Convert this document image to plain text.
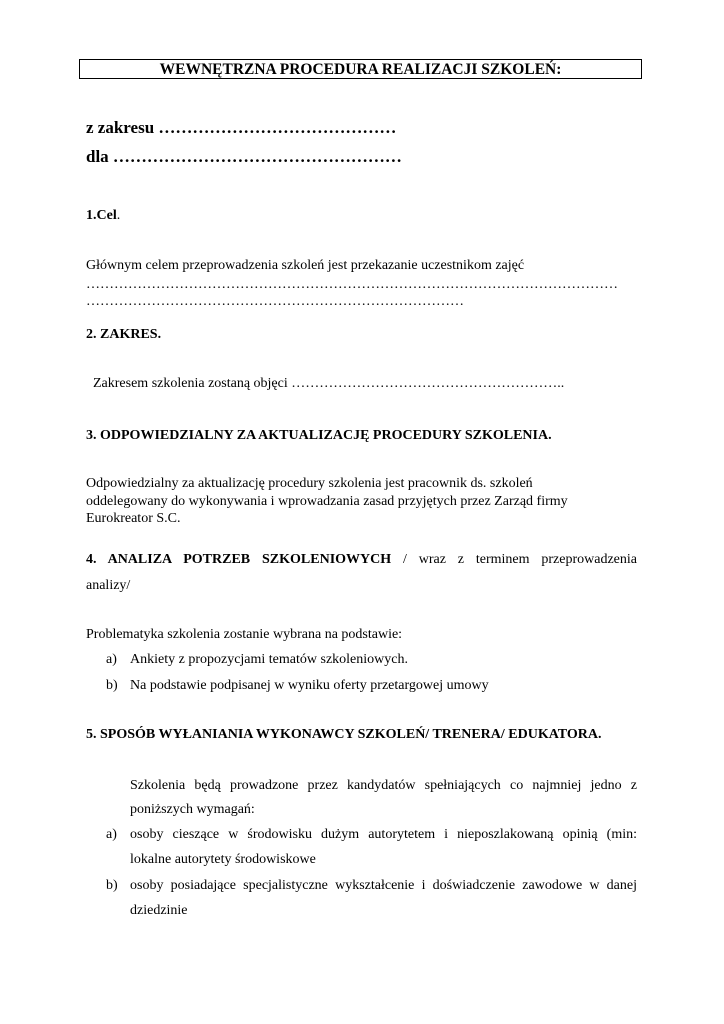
WEWNĘTRZNA PROCEDURA REALIZACJI SZKOLEŃ:
z zakresu ……………………………………
dla ……………………………………………
1.Cel.
Głównym celem przeprowadzenia szkoleń jest przekazanie uczestnikom zajęć
……………………………………………………………………………………………………
………………………………………………………………………
2. ZAKRES.
Zakresem szkolenia zostaną objęci …………………………………………………..
3. ODPOWIEDZIALNY ZA AKTUALIZACJĘ PROCEDURY SZKOLENIA.
Odpowiedzialny za aktualizację procedury szkolenia jest pracownik ds. szkoleń
oddelegowany do wykonywania i wprowadzania zasad przyjętych przez Zarząd firmy
Eurokreator S.C.
4. ANALIZA POTRZEB SZKOLENIOWYCH / wraz z terminem przeprowadzenia
analizy/
Problematyka szkolenia zostanie wybrana na podstawie:
a) Ankiety z propozycjami tematów szkoleniowych.
b) Na podstawie podpisanej w wyniku oferty przetargowej umowy
5. SPOSÓB WYŁANIANIA WYKONAWCY SZKOLEŃ/ TRENERA/ EDUKATORA.
Szkolenia będą prowadzone przez kandydatów spełniających co najmniej jedno z
poniższych wymagań:
a) osoby cieszące w środowisku dużym autorytetem i nieposzlakowaną opinią (min:
lokalne autorytety środowiskowe
b) osoby posiadające specjalistyczne wykształcenie i doświadczenie zawodowe w danej
dziedzinie
